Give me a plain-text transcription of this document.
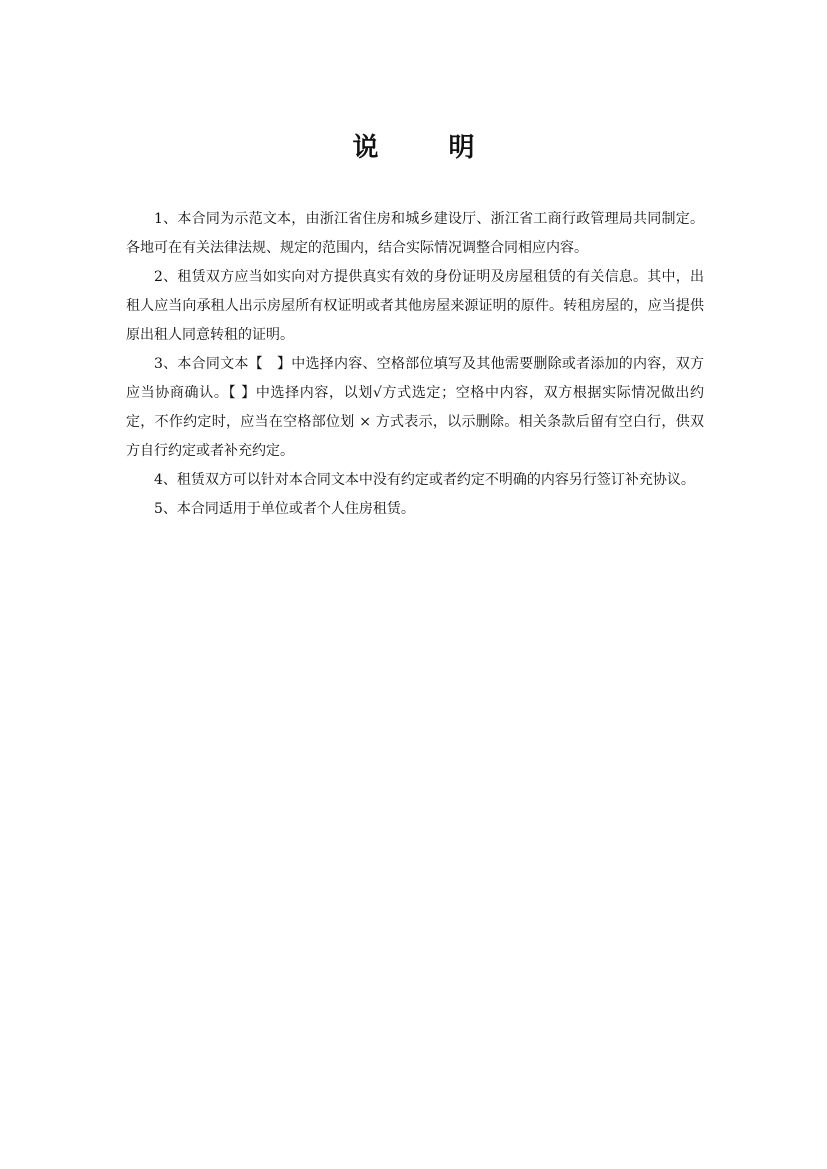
说　明

1、本合同为示范文本，由浙江省住房和城乡建设厅、浙江省工商行政管理局共同制定。各地可在有关法律法规、规定的范围内，结合实际情况调整合同相应内容。

2、租赁双方应当如实向对方提供真实有效的身份证明及房屋租赁的有关信息。其中，出租人应当向承租人出示房屋所有权证明或者其他房屋来源证明的原件。转租房屋的，应当提供原出租人同意转租的证明。

3、本合同文本【　】中选择内容、空格部位填写及其他需要删除或者添加的内容，双方应当协商确认。【 】中选择内容，以划√方式选定；空格中内容，双方根据实际情况做出约定，不作约定时，应当在空格部位划 × 方式表示，以示删除。相关条款后留有空白行，供双方自行约定或者补充约定。

4、租赁双方可以针对本合同文本中没有约定或者约定不明确的内容另行签订补充协议。

5、本合同适用于单位或者个人住房租赁。
